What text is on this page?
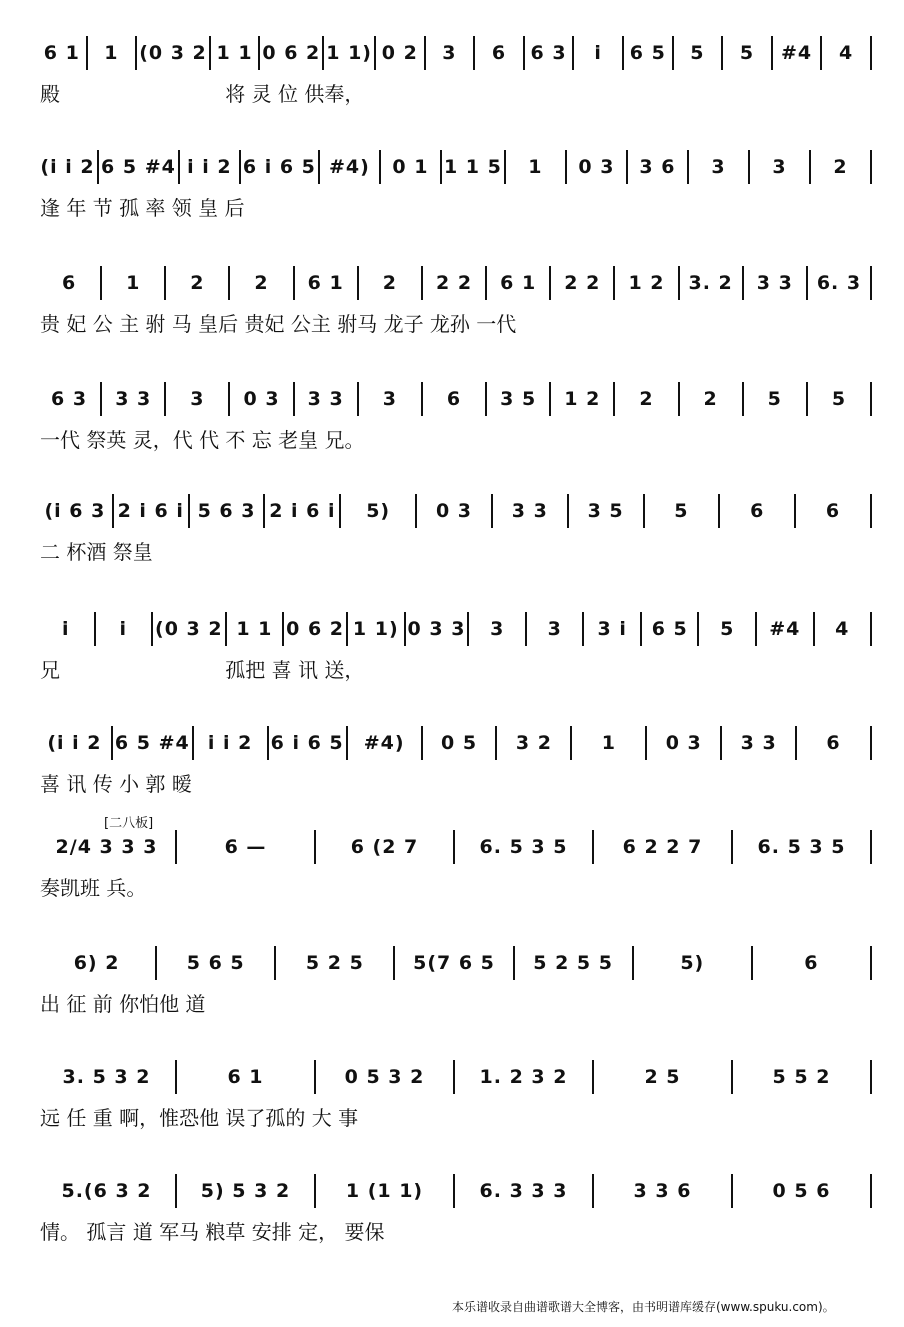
6 1	1	(0 3 2 1 1 0 6 2 1 1) 0 2	3	6	6 3	i	6 5	5	5	#4	4
殿                          将 灵 位 供奉，
(i i 2 6 5 #4 i i 2 6 i 6 5 #4)	0 1 1 1 5	1	0 3	3 6	3	3	2
逢 年 节 孤 率 领 皇 后
6	1	2	2	6 1	2	2 2	6 1	2 2	1 2	3. 2	3 3	6. 3
贵 妃 公 主 驸 马 皇后 贵妃 公主 驸马 龙子 龙孙 一代
6 3	3 3	3	0 3	3 3	3	6	3 5	1 2	2	2	5	5
一代 祭英 灵，代 代 不 忘 老皇 兄。
(i 6 3 2 i 6 i 5 6 3 2 i 6 i	5)	0 3	3 3	3 5	5	6	6
二 杯酒 祭皇
i	i	(0 3 2 1 1 0 6 2 1 1) 0 3 3	3	3	3 i	6 5	5	#4	4
兄                          孤把 喜 讯 送，
(i i 2 6 5 #4 i i 2 6 i 6 5	#4)	0 5	3 2	1	0 3	3 3	6
喜 讯 传 小 郭 暧
[二八板]
2/4 3 3 3	6 —	6 (2 7	6. 5 3 5	6 2 2 7	6. 5 3 5
奏凯班 兵。
6) 2	5 6 5	5 2 5	5(7 6 5	5 2 5 5	5)	6
出 征 前 你怕他 道
3. 5 3 2	6 1	0 5 3 2	1. 2 3 2	2 5	5 5 2
远 任 重 啊，惟恐他 误了孤的 大 事
5.(6 3 2	5) 5 3 2	1 (1 1)	6. 3 3 3	3 3 6	0 5 6
情。 孤言 道 军马 粮草 安排 定， 要保
本乐谱收录自曲谱歌谱大全博客，由书明谱库缓存(www.spuku.com)。
